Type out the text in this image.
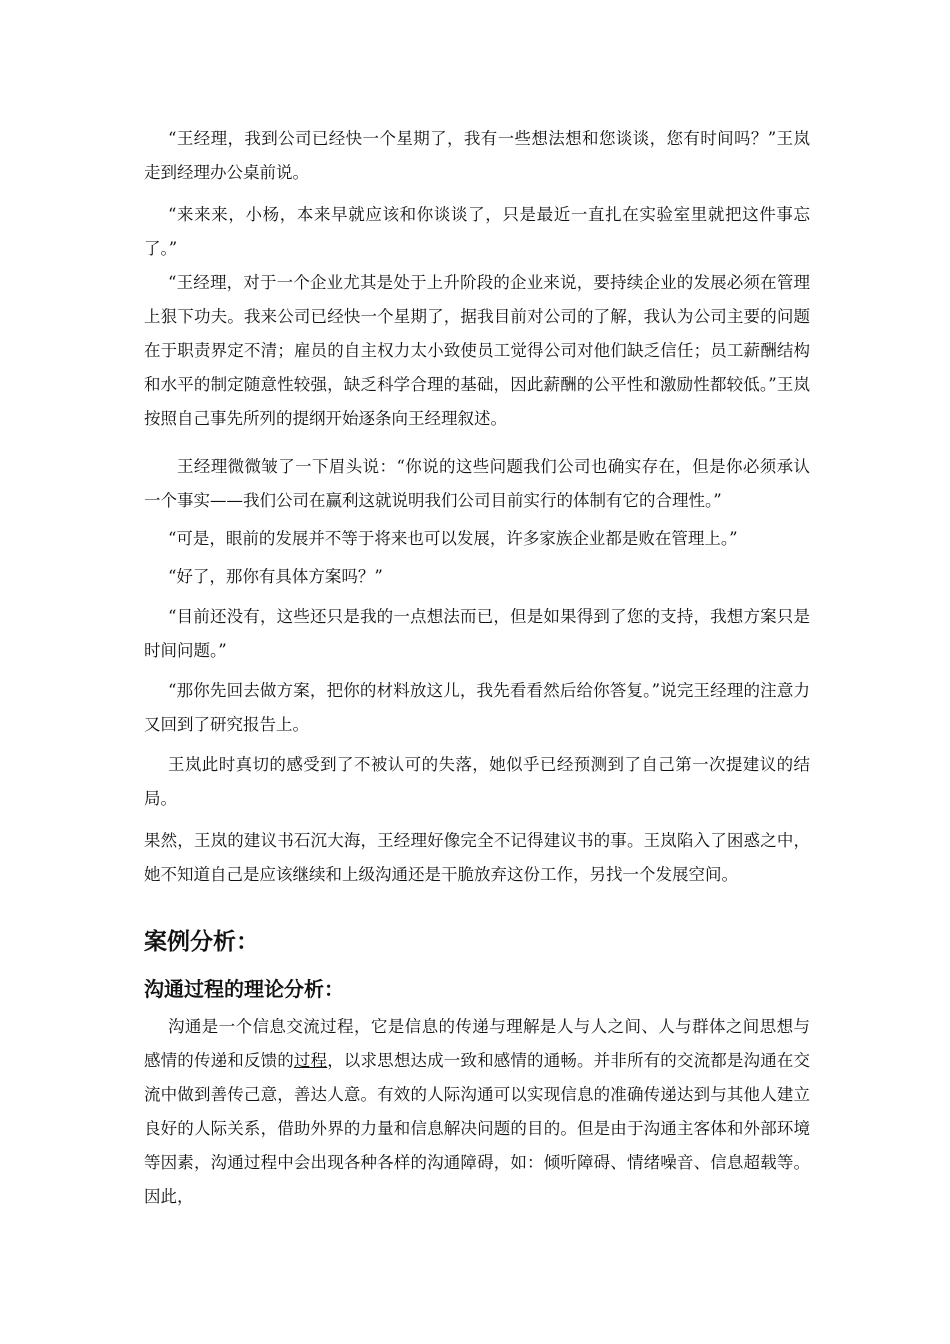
“王经理，我到公司已经快一个星期了，我有一些想法想和您谈谈，您有时间吗？”王岚走到经理办公桌前说。
“来来来，小杨，本来早就应该和你谈谈了，只是最近一直扎在实验室里就把这件事忘了。”
“王经理，对于一个企业尤其是处于上升阶段的企业来说，要持续企业的发展必须在管理上狠下功夫。我来公司已经快一个星期了，据我目前对公司的了解，我认为公司主要的问题在于职责界定不清；雇员的自主权力太小致使员工觉得公司对他们缺乏信任；员工薪酬结构和水平的制定随意性较强，缺乏科学合理的基础，因此薪酬的公平性和激励性都较低。”王岚按照自己事先所列的提纲开始逐条向王经理叙述。
王经理微微皱了一下眉头说：“你说的这些问题我们公司也确实存在，但是你必须承认一个事实——我们公司在赢利这就说明我们公司目前实行的体制有它的合理性。”
“可是，眼前的发展并不等于将来也可以发展，许多家族企业都是败在管理上。”
“好了，那你有具体方案吗？”
“目前还没有，这些还只是我的一点想法而已，但是如果得到了您的支持，我想方案只是时间问题。”
“那你先回去做方案，把你的材料放这儿，我先看看然后给你答复。”说完王经理的注意力又回到了研究报告上。
王岚此时真切的感受到了不被认可的失落，她似乎已经预测到了自己第一次提建议的结局。
果然，王岚的建议书石沉大海，王经理好像完全不记得建议书的事。王岚陷入了困惑之中，她不知道自己是应该继续和上级沟通还是干脆放弃这份工作，另找一个发展空间。
案例分析：
沟通过程的理论分析：
沟通是一个信息交流过程，它是信息的传递与理解是人与人之间、人与群体之间思想与感情的传递和反馈的过程，以求思想达成一致和感情的通畅。并非所有的交流都是沟通在交流中做到善传己意，善达人意。有效的人际沟通可以实现信息的准确传递达到与其他人建立良好的人际关系，借助外界的力量和信息解决问题的目的。但是由于沟通主客体和外部环境等因素，沟通过程中会出现各种各样的沟通障碍，如：倾听障碍、情绪噪音、信息超载等。因此，
